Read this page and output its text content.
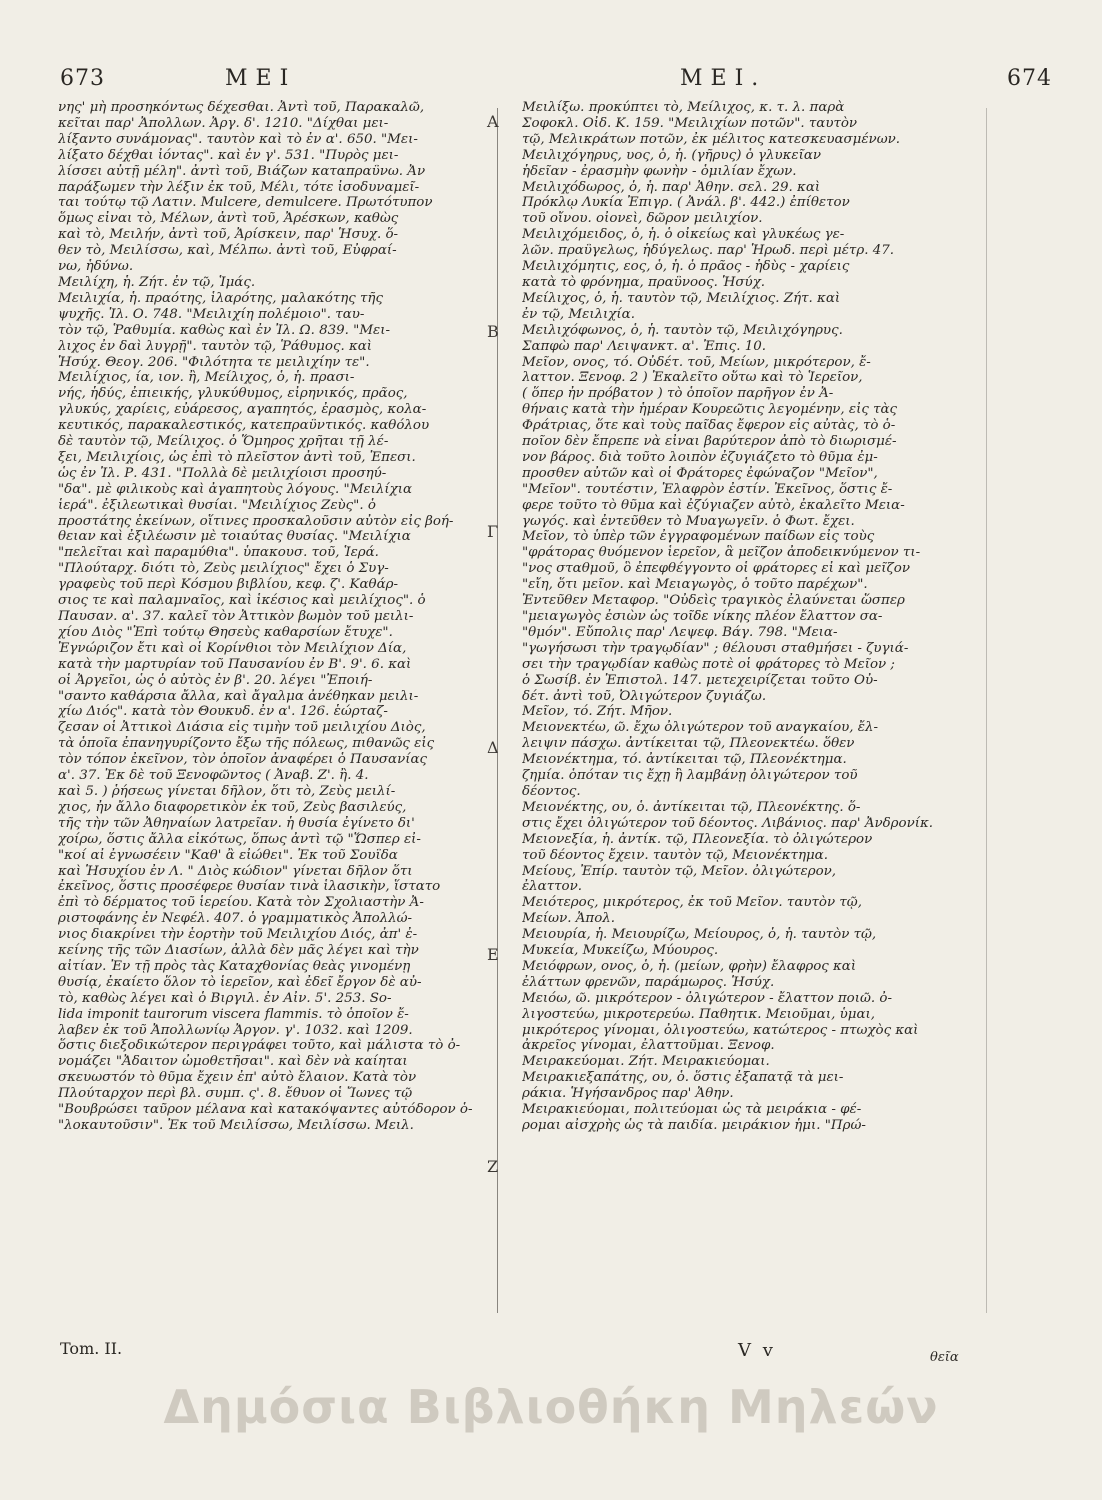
673	ΜΕΙ	ΜΕΙ.	674
Α
Β
Γ
Δ
Ε
Ζ
νης' μὴ προσηκόντως δέχεσθαι. Ἀντὶ τοῦ, Παρακαλῶ,
κεῖται παρ' Ἀπολλων. Ἀργ. δ'. 1210. "Δίχθαι μει-
λίξαντο συνάμονας". ταυτὸν καὶ τὸ ἐν α'. 650. "Μει-
λίξατο δέχθαι ἰόντας". καὶ ἐν γ'. 531. "Πυρὸς μει-
λίσσει αὐτῇ μέλη". ἀντὶ τοῦ, Βιάζων καταπραΰνω. Ἀν
παράξωμεν τὴν λέξιν ἐκ τοῦ, Μέλι, τότε ἰσοδυναμεῖ-
ται τούτῳ τῷ Λατιν. Mulcere, demulcere. Πρωτότυπον
ὅμως εἶναι τὸ, Μέλων, ἀντὶ τοῦ, Ἀρέσκων, καθὼς
καὶ τὸ, Μειλήν, ἀντὶ τοῦ, Ἀρίσκειν, παρ' Ἡσυχ. ὅ-
θεν τὸ, Μειλίσσω, καὶ, Μέλπω. ἀντὶ τοῦ, Εὐφραί-
νω, ἡδύνω.
Μειλίχη, ἡ. Ζήτ. ἐν τῷ, Ἱμάς.
Μειλιχία, ἡ. πραότης, ἱλαρότης, μαλακότης τῆς
ψυχῆς. Ἰλ. Ο. 748. "Μειλιχίη πολέμοιο". ταυ-
τὸν τῷ, Ῥαθυμία. καθὼς καὶ ἐν Ἰλ. Ω. 839. "Μει-
λιχος ἐν δαὶ λυγρῇ". ταυτὸν τῷ, Ῥάθυμος. καὶ
Ἡσύχ. Θεογ. 206. "Φιλότητα τε μειλιχίην τε".
Μειλίχιος, ία, ιον. ἢ, Μείλιχος, ὁ, ἡ. πρασι-
νής, ἡδύς, ἐπιεικής, γλυκύθυμος, εἰρηνικός, πρᾶος,
γλυκύς, χαρίεις, εὐάρεσος, αγαπητός, ἐρασμὸς, κολα-
κευτικός, παρακαλεστικός, κατεπραΰντικός. καθόλου
δὲ ταυτὸν τῷ, Μείλιχος. ὁ Ὅμηρος χρῆται τῇ λέ-
ξει, Μειλιχίοις, ὡς ἐπὶ τὸ πλεῖστον ἀντὶ τοῦ, Ἐπεσι.
ὡς ἐν Ἰλ. Ρ. 431. "Πολλὰ δὲ μειλιχίοισι προσηύ-
"δα". μὲ φιλικοὺς καὶ ἀγαπητοὺς λόγους. "Μειλίχια
ἱερά". ἐξιλεωτικαὶ θυσίαι. "Μειλίχιος Ζεὺς". ὁ
προστάτης ἐκείνων, οἵτινες προσκαλοῦσιν αὐτὸν εἰς βοή-
θειαν καὶ ἐξιλέωσιν μὲ τοιαύτας θυσίας. "Μειλίχια
"πελεῖται καὶ παραμύθια". ὑπακουσ. τοῦ, Ἱερά.
"Πλούταρχ. διότι τὸ, Ζεὺς μειλίχιος" ἔχει ὁ Συγ-
γραφεὺς τοῦ περὶ Κόσμου βιβλίου, κεφ. ζ'. Καθάρ-
σιος τε καὶ παλαμναῖος, καὶ ἱκέσιος καὶ μειλίχιος". ὁ
Παυσαν. α'. 37. καλεῖ τὸν Ἀττικὸν βωμὸν τοῦ μειλι-
χίου Διὸς "Ἐπὶ τούτῳ Θησεὺς καθαρσίων ἔτυχε".
Ἐγνώριζον ἔτι καὶ οἱ Κορίνθιοι τὸν Μειλίχιον Δία,
κατὰ τὴν μαρτυρίαν τοῦ Παυσανίου ἐν Β'. 9'. 6. καὶ
οἱ Ἀργεῖοι, ὡς ὁ αὐτὸς ἐν β'. 20. λέγει "Ἐποιή-
"σαντο καθάρσια ἄλλα, καὶ ἄγαλμα ἀνέθηκαν μειλι-
χίω Διός". κατὰ τὸν Θουκυδ. ἐν α'. 126. ἑώρταζ-
ζεσαν οἱ Ἀττικοὶ Διάσια εἰς τιμὴν τοῦ μειλιχίου Διὸς,
τὰ ὁποῖα ἐπανηγυρίζοντο ἔξω τῆς πόλεως, πιθανῶς εἰς
τὸν τόπον ἐκεῖνον, τὸν ὁποῖον ἀναφέρει ὁ Παυσανίας
α'. 37. Ἐκ δὲ τοῦ Ξενοφῶντος ( Ἀναβ. Ζ'. ἢ. 4.
καὶ 5. ) ῥήσεως γίνεται δῆλον, ὅτι τὸ, Ζεὺς μειλί-
χιος, ἦν ἄλλο διαφορετικὸν ἐκ τοῦ, Ζεὺς βασιλεύς,
τῆς τὴν τῶν Ἀθηναίων λατρεῖαν. ἡ θυσία ἐγίνετο δι'
χοίρω, ὅστις ἄλλα εἰκότως, ὅπως ἀντὶ τῷ "Ὥσπερ εἰ-
"κοί αἰ ἐγνωσέειν "Καθ' ἂ εἰώθει". Ἐκ τοῦ Σουΐδα
καὶ Ἡσυχίου ἐν Λ. " Διὸς κώδιον" γίνεται δῆλον ὅτι
ἐκεῖνος, ὅστις προσέφερε θυσίαν τινὰ ἱλασικὴν, ἵστατο
ἐπὶ τὸ δέρματος τοῦ ἱερείου. Κατὰ τὸν Σχολιαστὴν Ἀ-
ριστοφάνης ἐν Νεφέλ. 407. ὁ γραμματικὸς Ἀπολλώ-
νιος διακρίνει τὴν ἑορτὴν τοῦ Μειλιχίου Διός, ἀπ' ἐ-
κείνης τῆς τῶν Διασίων, ἀλλὰ δὲν μᾶς λέγει καὶ τὴν
αἰτίαν. Ἐν τῇ πρὸς τὰς Καταχθονίας θεὰς γινομένῃ
θυσίᾳ, ἐκαίετο ὅλον τὸ ἱερεῖον, καὶ ἐδεῖ ἔργον δὲ αὐ-
τὸ, καθὼς λέγει καὶ ὁ Βιργιλ. ἐν Αἰν. 5'. 253. So-
lida imponit taurorum viscera flammis. τὸ ὁποῖον ἔ-
λαβεν ἐκ τοῦ Ἀπολλωνίῳ Ἀργον. γ'. 1032. καὶ 1209.
ὅστις διεξοδικώτερον περιγράφει τοῦτο, καὶ μάλιστα τὸ ὀ-
νομάζει "Ἀδαιτον ὠμοθετῆσαι". καὶ δὲν νὰ καίηται
σκευωστόν τὸ θῦμα ἔχειν ἐπ' αὐτὸ ἔλαιον. Κατὰ τὸν
Πλούταρχον περὶ βλ. συμπ. ς'. 8. ἔθυον οἱ Ἴωνες τῷ
"Βουβρώσει ταῦρον μέλανα καὶ κατακόψαντες αὐτόδορον ὁ-
"λοκαυτοῦσιν". Ἐκ τοῦ Μειλίσσω, Μειλίσσω. Μειλ.
Μειλίξω. προκύπτει τὸ, Μείλιχος, κ. τ. λ. παρὰ
Σοφοκλ. Οἰδ. Κ. 159. "Μειλιχίων ποτῶν". ταυτὸν
τῷ, Μελικράτων ποτῶν, ἐκ μέλιτος κατεσκευασμένων.
Μειλιχόγηρυς, υος, ὁ, ἡ. (γῆρυς) ὁ γλυκεῖαν
ἡδεῖαν - ἐρασμὴν φωνὴν - ὁμιλίαν ἔχων.
Μειλιχόδωρος, ὁ, ἡ. παρ' Ἀθην. σελ. 29. καὶ
Πρόκλῳ Λυκία Ἐπιγρ. ( Ἀνάλ. β'. 442.) ἐπίθετον
τοῦ οἴνου. οἰονεὶ, δῶρον μειλιχίον.
Μειλιχόμειδος, ὁ, ἡ. ὁ οἰκείως καὶ γλυκέως γε-
λῶν. πραΰγελως, ἡδύγελως. παρ' Ἡρωδ. περὶ μέτρ. 47.
Μειλιχόμητις, εος, ὁ, ἡ. ὁ πρᾶος - ἡδὺς - χαρίεις
κατὰ τὸ φρόνημα, πραΰνοος. Ἡσύχ.
Μείλιχος, ὁ, ἡ. ταυτὸν τῷ, Μειλίχιος. Ζήτ. καὶ
ἐν τῷ, Μειλιχία.
Μειλιχόφωνος, ὁ, ἡ. ταυτὸν τῷ, Μειλιχόγηρυς.
Σαπφὼ παρ' Λειψανκτ. α'. Ἐπις. 10.
Μεῖον, ονος, τό. Οὐδέτ. τοῦ, Μείων, μικρότερον, ἔ-
λαττον. Ξενοφ. 2 ) Ἐκαλεῖτο οὕτω καὶ τὸ Ἱερεῖον,
( ὅπερ ἦν πρόβατον ) τὸ ὁποῖον παρῆγον ἐν Ἀ-
θήναις κατὰ τὴν ἡμέραν Κουρεῶτις λεγομένην, εἰς τὰς
Φράτριας, ὅτε καὶ τοὺς παῖδας ἔφερον εἰς αὐτὰς, τὸ ὁ-
ποῖον δὲν ἔπρεπε νὰ εἶναι βαρύτερον ἀπὸ τὸ διωρισμέ-
νον βάρος. διὰ τοῦτο λοιπὸν ἐζυγιάζετο τὸ θῦμα ἐμ-
προσθεν αὐτῶν καὶ οἱ Φράτορες ἐφώναζον "Μεῖον",
"Μεῖον". τουτέστιν, Ἐλαφρὸν ἐστίν. Ἐκεῖνος, ὅστις ἔ-
φερε τοῦτο τὸ θῦμα καὶ ἐζύγιαζεν αὐτὸ, ἐκαλεῖτο Μεια-
γωγός. καὶ ἐντεῦθεν τὸ Μυαγωγεῖν. ὁ Φωτ. ἔχει.
Μεῖον, τὸ ὑπὲρ τῶν ἐγγραφομένων παίδων εἰς τοὺς
"φράτορας θυόμενον ἱερεῖον, ἃ μεῖζον ἀποδεικνύμενον τι-
"νος σταθμοῦ, ὃ ἐπεφθέγγοντο οἱ φράτορες εἰ καὶ μεῖζον
"εἴη, ὅτι μεῖον. καὶ Μειαγωγὸς, ὁ τοῦτο παρέχων".
Ἐντεῦθεν Μεταφορ. "Οὐδεὶς τραγικὸς ἐλαύνεται ὥσπερ
"μειαγωγὸς ἐσιὼν ὡς τοῖδε νίκης πλέον ἔλαττον σα-
"θμόν". Εὔπολις παρ' Λεψεφ. Βάγ. 798. "Μεια-
"γωγήσωσι τὴν τραγῳδίαν" ; θέλουσι σταθμήσει - ζυγιά-
σει τὴν τραγῳδίαν καθὼς ποτὲ οἱ φράτορες τὸ Μεῖον ;
ὁ Σωσίβ. ἐν Ἐπιστολ. 147. μετεχειρίζεται τοῦτο Οὐ-
δέτ. ἀντὶ τοῦ, Ὀλιγώτερον ζυγιάζω.
Μεῖον, τό. Ζήτ. Μῆον.
Μειονεκτέω, ῶ. ἔχω ὀλιγώτερον τοῦ αναγκαίου, ἔλ-
λειψιν πάσχω. ἀντίκειται τῷ, Πλεονεκτέω. ὅθεν
Μειονέκτημα, τό. ἀντίκειται τῷ, Πλεονέκτημα.
ζημία. ὁπόταν τις ἔχῃ ἢ λαμβάνῃ ὀλιγώτερον τοῦ
δέοντος.
Μειονέκτης, ου, ὁ. ἀντίκειται τῷ, Πλεονέκτης. ὅ-
στις ἔχει ὀλιγώτερον τοῦ δέοντος. Λιβάνιος. παρ' Ἀνδρονίκ.
Μειονεξία, ἡ. ἀντίκ. τῷ, Πλεονεξία. τὸ ὀλιγώτερον
τοῦ δέοντος ἔχειν. ταυτὸν τῷ, Μειονέκτημα.
Μείους, Ἐπίρ. ταυτὸν τῷ, Μεῖον. ὀλιγώτερον,
ἐλαττον.
Μειότερος, μικρότερος, ἐκ τοῦ Μεῖον. ταυτὸν τῷ,
Μείων. Ἀπολ.
Μειουρία, ἡ. Μειουρίζω, Μείουρος, ὁ, ἡ. ταυτὸν τῷ,
Μυκεία, Μυκείζω, Μύουρος.
Μειόφρων, ονος, ὁ, ἡ. (μείων, φρὴν) ἔλαφρος καὶ
ἐλάττων φρενῶν, παράμωρος. Ἡσύχ.
Μειόω, ῶ. μικρότερον - ὀλιγώτερον - ἔλαττον ποιῶ. ὀ-
λιγοστεύω, μικροτερεύω. Παθητικ. Μειοῦμαι, ὑμαι,
μικρότερος γίνομαι, ὀλιγοστεύω, κατώτερος - πτωχὸς καὶ
ἀκρεῖος γίνομαι, ἐλαττοῦμαι. Ξενοφ.
Μειρακεύομαι. Ζήτ. Μειρακιεύομαι.
Μειρακιεξαπάτης, ου, ὁ. ὅστις ἐξαπατᾷ τὰ μει-
ράκια. Ἡγήσανδρος παρ' Ἀθην.
Μειρακιεύομαι, πολιτεύομαι ὡς τὰ μειράκια - φέ-
ρομαι αἰσχρὴς ὡς τὰ παιδία. μειράκιον ἡμι. "Πρώ-
Tom. II.	V v	θεῖα
Δημόσια Βιβλιοθήκη Μηλεών
